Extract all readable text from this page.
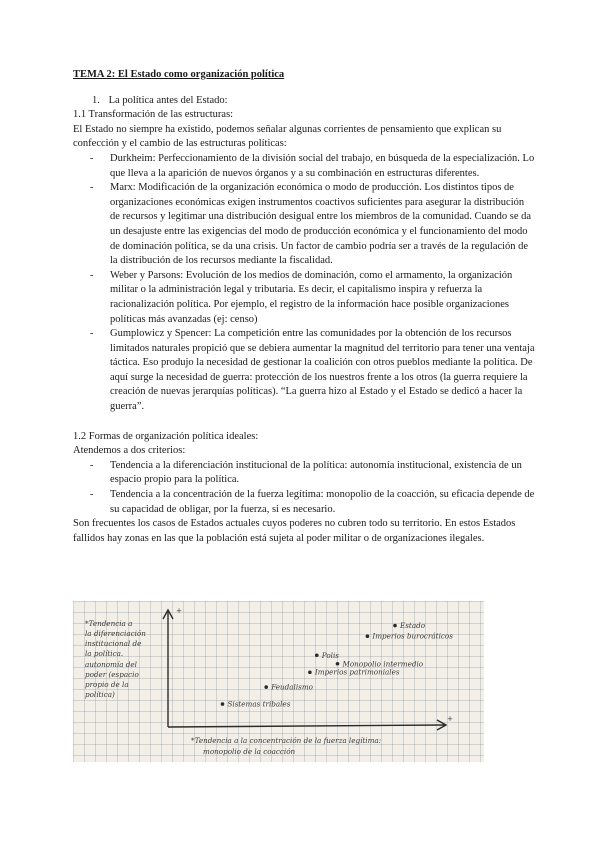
TEMA 2: El Estado como organización política

1. La política antes del Estado:

1.1 Transformación de las estructuras:

El Estado no siempre ha existido, podemos señalar algunas corrientes de pensamiento que explican su confección y el cambio de las estructuras políticas:

- Durkheim: Perfeccionamiento de la división social del trabajo, en búsqueda de la especialización. Lo que lleva a la aparición de nuevos órganos y a su combinación en estructuras diferentes.
- Marx: Modificación de la organización económica o modo de producción. Los distintos tipos de organizaciones económicas exigen instrumentos coactivos suficientes para asegurar la distribución de recursos y legitimar una distribución desigual entre los miembros de la comunidad. Cuando se da un desajuste entre las exigencias del modo de producción económica y el funcionamiento del modo de dominación política, se da una crisis. Un factor de cambio podría ser a través de la regulación de la distribución de los recursos mediante la fiscalidad.
- Weber y Parsons: Evolución de los medios de dominación, como el armamento, la organización militar o la administración legal y tributaria. Es decir, el capitalismo inspira y refuerza la racionalización política. Por ejemplo, el registro de la información hace posible organizaciones políticas más avanzadas (ej: censo)
- Gumplowicz y Spencer: La competición entre las comunidades por la obtención de los recursos limitados naturales propició que se debiera aumentar la magnitud del territorio para tener una ventaja táctica. Eso produjo la necesidad de gestionar la coalición con otros pueblos mediante la política. De aquí surge la necesidad de guerra: protección de los nuestros frente a los otros (la guerra requiere la creación de nuevas jerarquías políticas). “La guerra hizo al Estado y el Estado se dedicó a hacer la guerra”.

1.2 Formas de organización política ideales:

Atendemos a dos criterios:

- Tendencia a la diferenciación institucional de la política: autonomía institucional, existencia de un espacio propio para la política.
- Tendencia a la concentración de la fuerza legítima: monopolio de la coacción, su eficacia depende de su capacidad de obligar, por la fuerza, si es necesario.

Son frecuentes los casos de Estados actuales cuyos poderes no cubren todo su territorio. En estos Estados fallidos hay zonas en las que la población está sujeta al poder militar o de organizaciones ilegales.

+
+
*Tendencia a
la diferenciación
institucional de
la política.
autonomía del
poder (espacio
propio de la
política)
*Tendencia a la concentración de la fuerza legítima:
monopolio de la coacción
Estado
Imperios burocráticos
Polis
Monopolio intermedio
Imperios patrimoniales
Feudalismo
Sistemas tribales
